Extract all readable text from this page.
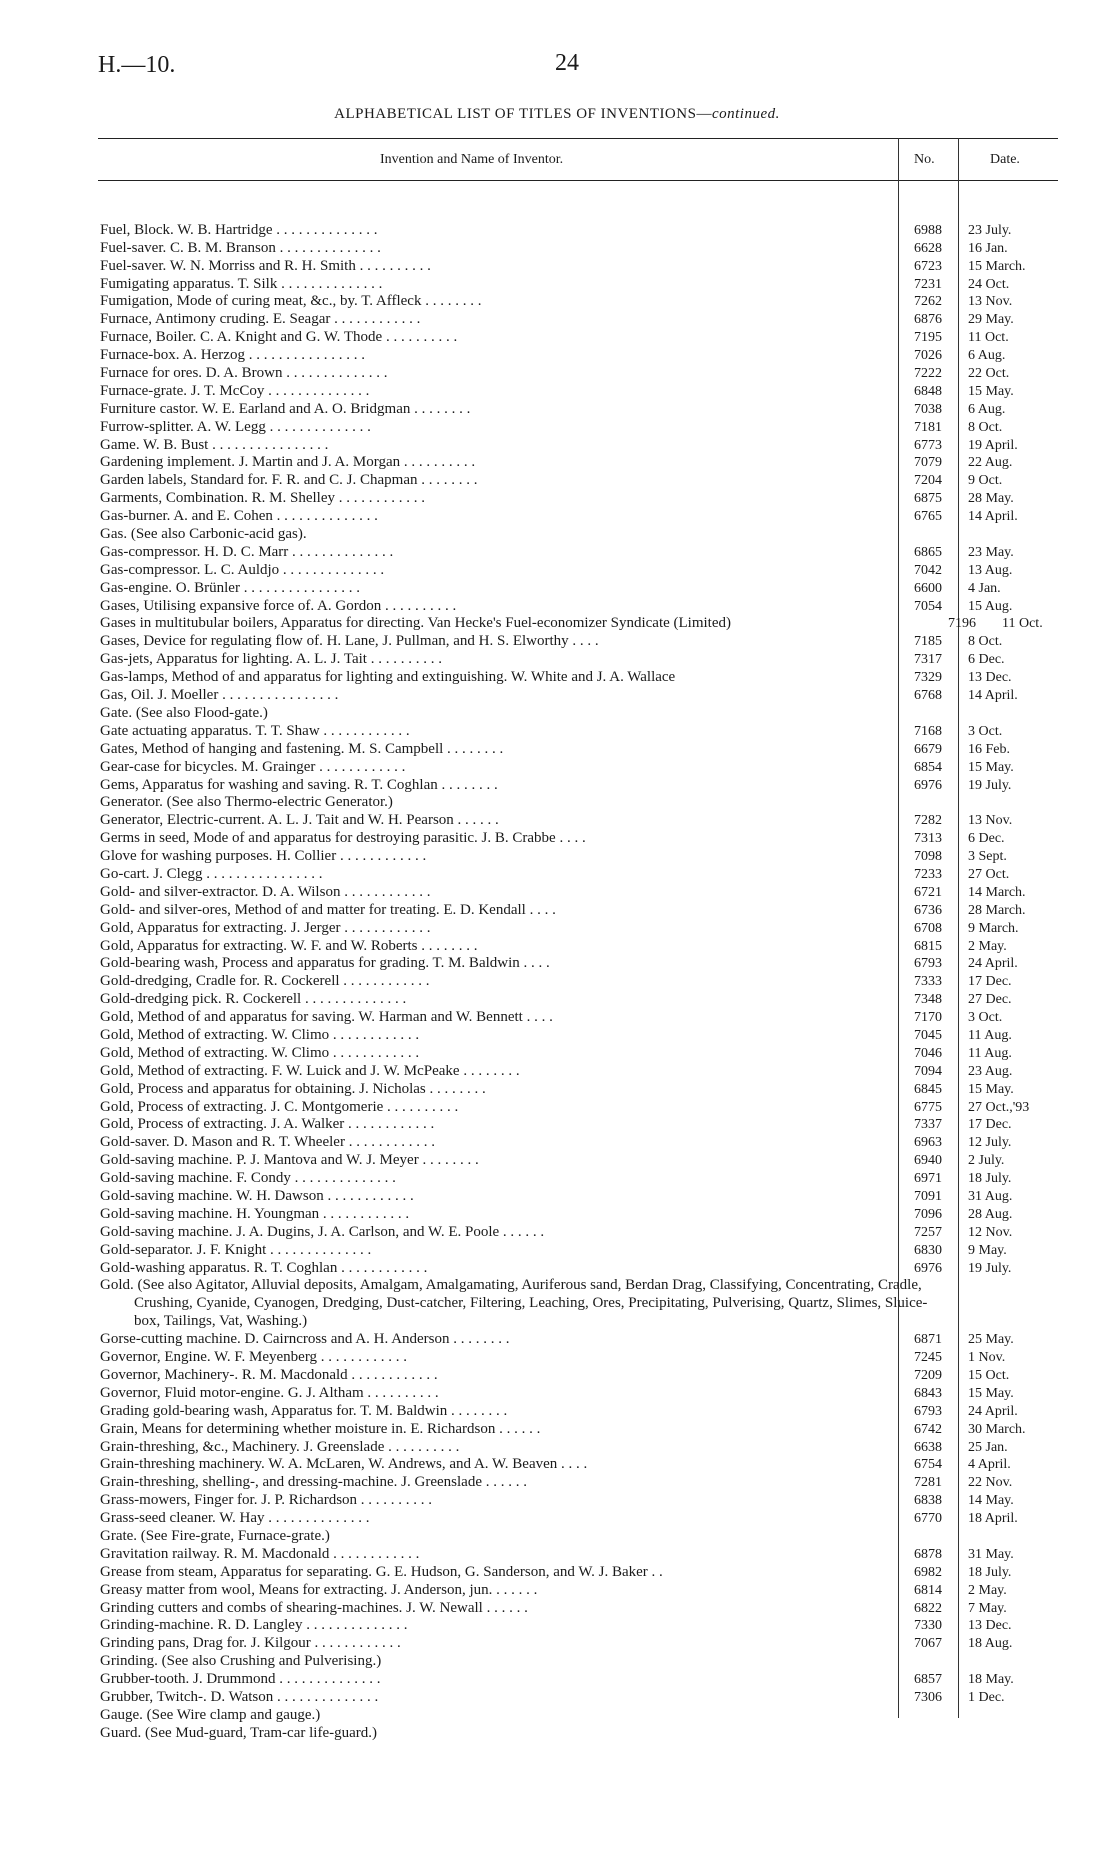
H.—10.	24
ALPHABETICAL LIST OF TITLES OF INVENTIONS—continued.
Invention and Name of Inventor.	No.	Date.
Fuel, Block. W. B. Hartridge . . . . . . . . . . . . . .	6988	23 July.
Fuel-saver. C. B. M. Branson . . . . . . . . . . . . . .	6628	16 Jan.
Fuel-saver. W. N. Morriss and R. H. Smith . . . . . . . . . .	6723	15 March.
Fumigating apparatus. T. Silk . . . . . . . . . . . . . .	7231	24 Oct.
Fumigation, Mode of curing meat, &c., by. T. Affleck . . . . . . . .	7262	13 Nov.
Furnace, Antimony cruding. E. Seagar . . . . . . . . . . . .	6876	29 May.
Furnace, Boiler. C. A. Knight and G. W. Thode . . . . . . . . . .	7195	11 Oct.
Furnace-box. A. Herzog . . . . . . . . . . . . . . . .	7026	6 Aug.
Furnace for ores. D. A. Brown . . . . . . . . . . . . . .	7222	22 Oct.
Furnace-grate. J. T. McCoy . . . . . . . . . . . . . .	6848	15 May.
Furniture castor. W. E. Earland and A. O. Bridgman . . . . . . . .	7038	6 Aug.
Furrow-splitter. A. W. Legg . . . . . . . . . . . . . .	7181	8 Oct.
Game. W. B. Bust . . . . . . . . . . . . . . . .	6773	19 April.
Gardening implement. J. Martin and J. A. Morgan . . . . . . . . . .	7079	22 Aug.
Garden labels, Standard for. F. R. and C. J. Chapman . . . . . . . .	7204	9 Oct.
Garments, Combination. R. M. Shelley . . . . . . . . . . . .	6875	28 May.
Gas-burner. A. and E. Cohen . . . . . . . . . . . . . .	6765	14 April.
Gas. (See also Carbonic-acid gas).
Gas-compressor. H. D. C. Marr . . . . . . . . . . . . . .	6865	23 May.
Gas-compressor. L. C. Auldjo . . . . . . . . . . . . . .	7042	13 Aug.
Gas-engine. O. Brünler . . . . . . . . . . . . . . . .	6600	4 Jan.
Gases, Utilising expansive force of. A. Gordon . . . . . . . . . .	7054	15 Aug.
Gases in multitubular boilers, Apparatus for directing. Van Hecke's Fuel-economizer Syndicate (Limited)	7196	11 Oct.
Gases, Device for regulating flow of. H. Lane, J. Pullman, and H. S. Elworthy . . . .	7185	8 Oct.
Gas-jets, Apparatus for lighting. A. L. J. Tait . . . . . . . . . .	7317	6 Dec.
Gas-lamps, Method of and apparatus for lighting and extinguishing. W. White and J. A. Wallace	7329	13 Dec.
Gas, Oil. J. Moeller . . . . . . . . . . . . . . . .	6768	14 April.
Gate. (See also Flood-gate.)
Gate actuating apparatus. T. T. Shaw . . . . . . . . . . . .	7168	3 Oct.
Gates, Method of hanging and fastening. M. S. Campbell . . . . . . . .	6679	16 Feb.
Gear-case for bicycles. M. Grainger . . . . . . . . . . . .	6854	15 May.
Gems, Apparatus for washing and saving. R. T. Coghlan . . . . . . . .	6976	19 July.
Generator. (See also Thermo-electric Generator.)
Generator, Electric-current. A. L. J. Tait and W. H. Pearson . . . . . .	7282	13 Nov.
Germs in seed, Mode of and apparatus for destroying parasitic. J. B. Crabbe . . . .	7313	6 Dec.
Glove for washing purposes. H. Collier . . . . . . . . . . . .	7098	3 Sept.
Go-cart. J. Clegg . . . . . . . . . . . . . . . .	7233	27 Oct.
Gold- and silver-extractor. D. A. Wilson . . . . . . . . . . . .	6721	14 March.
Gold- and silver-ores, Method of and matter for treating. E. D. Kendall . . . .	6736	28 March.
Gold, Apparatus for extracting. J. Jerger . . . . . . . . . . . .	6708	9 March.
Gold, Apparatus for extracting. W. F. and W. Roberts . . . . . . . .	6815	2 May.
Gold-bearing wash, Process and apparatus for grading. T. M. Baldwin . . . .	6793	24 April.
Gold-dredging, Cradle for. R. Cockerell . . . . . . . . . . . .	7333	17 Dec.
Gold-dredging pick. R. Cockerell . . . . . . . . . . . . . .	7348	27 Dec.
Gold, Method of and apparatus for saving. W. Harman and W. Bennett . . . .	7170	3 Oct.
Gold, Method of extracting. W. Climo . . . . . . . . . . . .	7045	11 Aug.
Gold, Method of extracting. W. Climo . . . . . . . . . . . .	7046	11 Aug.
Gold, Method of extracting. F. W. Luick and J. W. McPeake . . . . . . . .	7094	23 Aug.
Gold, Process and apparatus for obtaining. J. Nicholas . . . . . . . .	6845	15 May.
Gold, Process of extracting. J. C. Montgomerie . . . . . . . . . .	6775	27 Oct.,'93
Gold, Process of extracting. J. A. Walker . . . . . . . . . . . .	7337	17 Dec.
Gold-saver. D. Mason and R. T. Wheeler . . . . . . . . . . . .	6963	12 July.
Gold-saving machine. P. J. Mantova and W. J. Meyer . . . . . . . .	6940	2 July.
Gold-saving machine. F. Condy . . . . . . . . . . . . . .	6971	18 July.
Gold-saving machine. W. H. Dawson . . . . . . . . . . . .	7091	31 Aug.
Gold-saving machine. H. Youngman . . . . . . . . . . . .	7096	28 Aug.
Gold-saving machine. J. A. Dugins, J. A. Carlson, and W. E. Poole . . . . . .	7257	12 Nov.
Gold-separator. J. F. Knight . . . . . . . . . . . . . .	6830	9 May.
Gold-washing apparatus. R. T. Coghlan . . . . . . . . . . . .	6976	19 July.
Gold. (See also Agitator, Alluvial deposits, Amalgam, Amalgamating, Auriferous sand, Berdan Drag, Classifying, Concentrating, Cradle, Crushing, Cyanide, Cyanogen, Dredging, Dust-catcher, Filtering, Leaching, Ores, Precipitating, Pulverising, Quartz, Slimes, Sluice-box, Tailings, Vat, Washing.)
Gorse-cutting machine. D. Cairncross and A. H. Anderson . . . . . . . .	6871	25 May.
Governor, Engine. W. F. Meyenberg . . . . . . . . . . . .	7245	1 Nov.
Governor, Machinery-. R. M. Macdonald . . . . . . . . . . . .	7209	15 Oct.
Governor, Fluid motor-engine. G. J. Altham . . . . . . . . . .	6843	15 May.
Grading gold-bearing wash, Apparatus for. T. M. Baldwin . . . . . . . .	6793	24 April.
Grain, Means for determining whether moisture in. E. Richardson . . . . . .	6742	30 March.
Grain-threshing, &c., Machinery. J. Greenslade . . . . . . . . . .	6638	25 Jan.
Grain-threshing machinery. W. A. McLaren, W. Andrews, and A. W. Beaven . . . .	6754	4 April.
Grain-threshing, shelling-, and dressing-machine. J. Greenslade . . . . . .	7281	22 Nov.
Grass-mowers, Finger for. J. P. Richardson . . . . . . . . . .	6838	14 May.
Grass-seed cleaner. W. Hay . . . . . . . . . . . . . .	6770	18 April.
Grate. (See Fire-grate, Furnace-grate.)
Gravitation railway. R. M. Macdonald . . . . . . . . . . . .	6878	31 May.
Grease from steam, Apparatus for separating. G. E. Hudson, G. Sanderson, and W. J. Baker . .	6982	18 July.
Greasy matter from wool, Means for extracting. J. Anderson, jun. . . . . . .	6814	2 May.
Grinding cutters and combs of shearing-machines. J. W. Newall . . . . . .	6822	7 May.
Grinding-machine. R. D. Langley . . . . . . . . . . . . . .	7330	13 Dec.
Grinding pans, Drag for. J. Kilgour . . . . . . . . . . . .	7067	18 Aug.
Grinding. (See also Crushing and Pulverising.)
Grubber-tooth. J. Drummond . . . . . . . . . . . . . .	6857	18 May.
Grubber, Twitch-. D. Watson . . . . . . . . . . . . . .	7306	1 Dec.
Gauge. (See Wire clamp and gauge.)
Guard. (See Mud-guard, Tram-car life-guard.)
